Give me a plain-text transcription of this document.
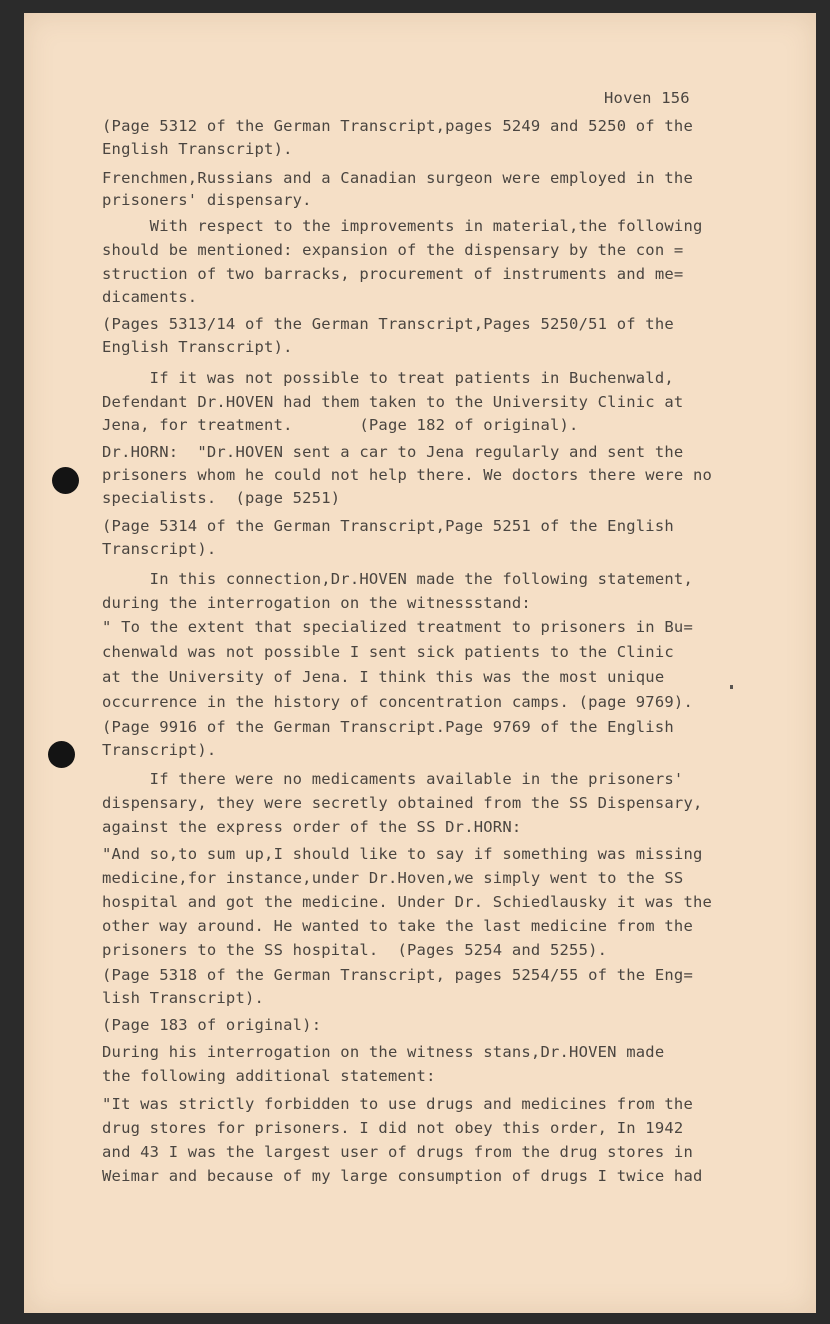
Hoven 156

(Page 5312 of the German Transcript,pages 5249 and 5250 of the

English Transcript).

Frenchmen,Russians and a Canadian surgeon were employed in the

prisoners' dispensary.

With respect to the improvements in material,the following

should be mentioned: expansion of the dispensary by the con =

struction of two barracks, procurement of instruments and me=

dicaments.

(Pages 5313/14 of the German Transcript,Pages 5250/51 of the

English Transcript).

If it was not possible to treat patients in Buchenwald,

Defendant Dr.HOVEN had them taken to the University Clinic at

Jena, for treatment.       (Page 182 of original).

Dr.HORN:  "Dr.HOVEN sent a car to Jena regularly and sent the

prisoners whom he could not help there. We doctors there were no

specialists.  (page 5251)

(Page 5314 of the German Transcript,Page 5251 of the English

Transcript).

In this connection,Dr.HOVEN made the following statement,

during the interrogation on the witnessstand:

" To the extent that specialized treatment to prisoners in Bu=

chenwald was not possible I sent sick patients to the Clinic

at the University of Jena. I think this was the most unique

occurrence in the history of concentration camps. (page 9769).

(Page 9916 of the German Transcript.Page 9769 of the English

Transcript).

If there were no medicaments available in the prisoners'

dispensary, they were secretly obtained from the SS Dispensary,

against the express order of the SS Dr.HORN:

"And so,to sum up,I should like to say if something was missing

medicine,for instance,under Dr.Hoven,we simply went to the SS

hospital and got the medicine. Under Dr. Schiedlausky it was the

other way around. He wanted to take the last medicine from the

prisoners to the SS hospital.  (Pages 5254 and 5255).

(Page 5318 of the German Transcript, pages 5254/55 of the Eng=

lish Transcript).

(Page 183 of original):

During his interrogation on the witness stans,Dr.HOVEN made

the following additional statement:

"It was strictly forbidden to use drugs and medicines from the

drug stores for prisoners. I did not obey this order, In 1942

and 43 I was the largest user of drugs from the drug stores in

Weimar and because of my large consumption of drugs I twice had
